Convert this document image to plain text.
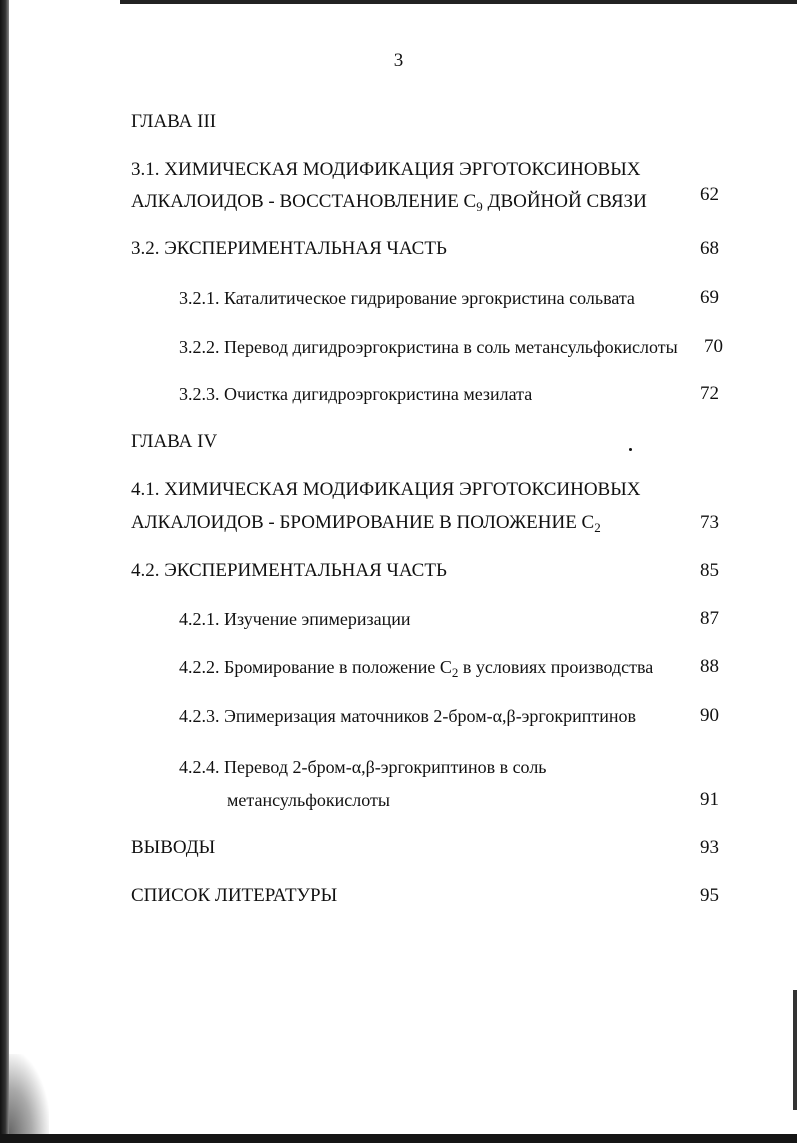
3
ГЛАВА III
3.1. ХИМИЧЕСКАЯ МОДИФИКАЦИЯ ЭРГОТОКСИНОВЫХ
АЛКАЛОИДОВ - ВОССТАНОВЛЕНИЕ $C_9$ ДВОЙНОЙ СВЯЗИ	62
3.2. ЭКСПЕРИМЕНТАЛЬНАЯ ЧАСТЬ	68
3.2.1. Каталитическое гидрирование эргокристина сольвата	69
3.2.2. Перевод дигидроэргокристина в соль метансульфокислоты 70
3.2.3. Очистка дигидроэргокристина мезилата	72
ГЛАВА IV
4.1. ХИМИЧЕСКАЯ МОДИФИКАЦИЯ ЭРГОТОКСИНОВЫХ
АЛКАЛОИДОВ - БРОМИРОВАНИЕ В ПОЛОЖЕНИЕ $C_2$	73
4.2. ЭКСПЕРИМЕНТАЛЬНАЯ ЧАСТЬ	85
4.2.1. Изучение эпимеризации	87
4.2.2. Бромирование в положение $C_2$ в условиях производства 88
4.2.3. Эпимеризация маточников 2-бром-α,β-эргокриптинов	90
4.2.4. Перевод 2-бром-α,β-эргокриптинов в соль
метансульфокислоты	91
ВЫВОДЫ	93
СПИСОК ЛИТЕРАТУРЫ	95
